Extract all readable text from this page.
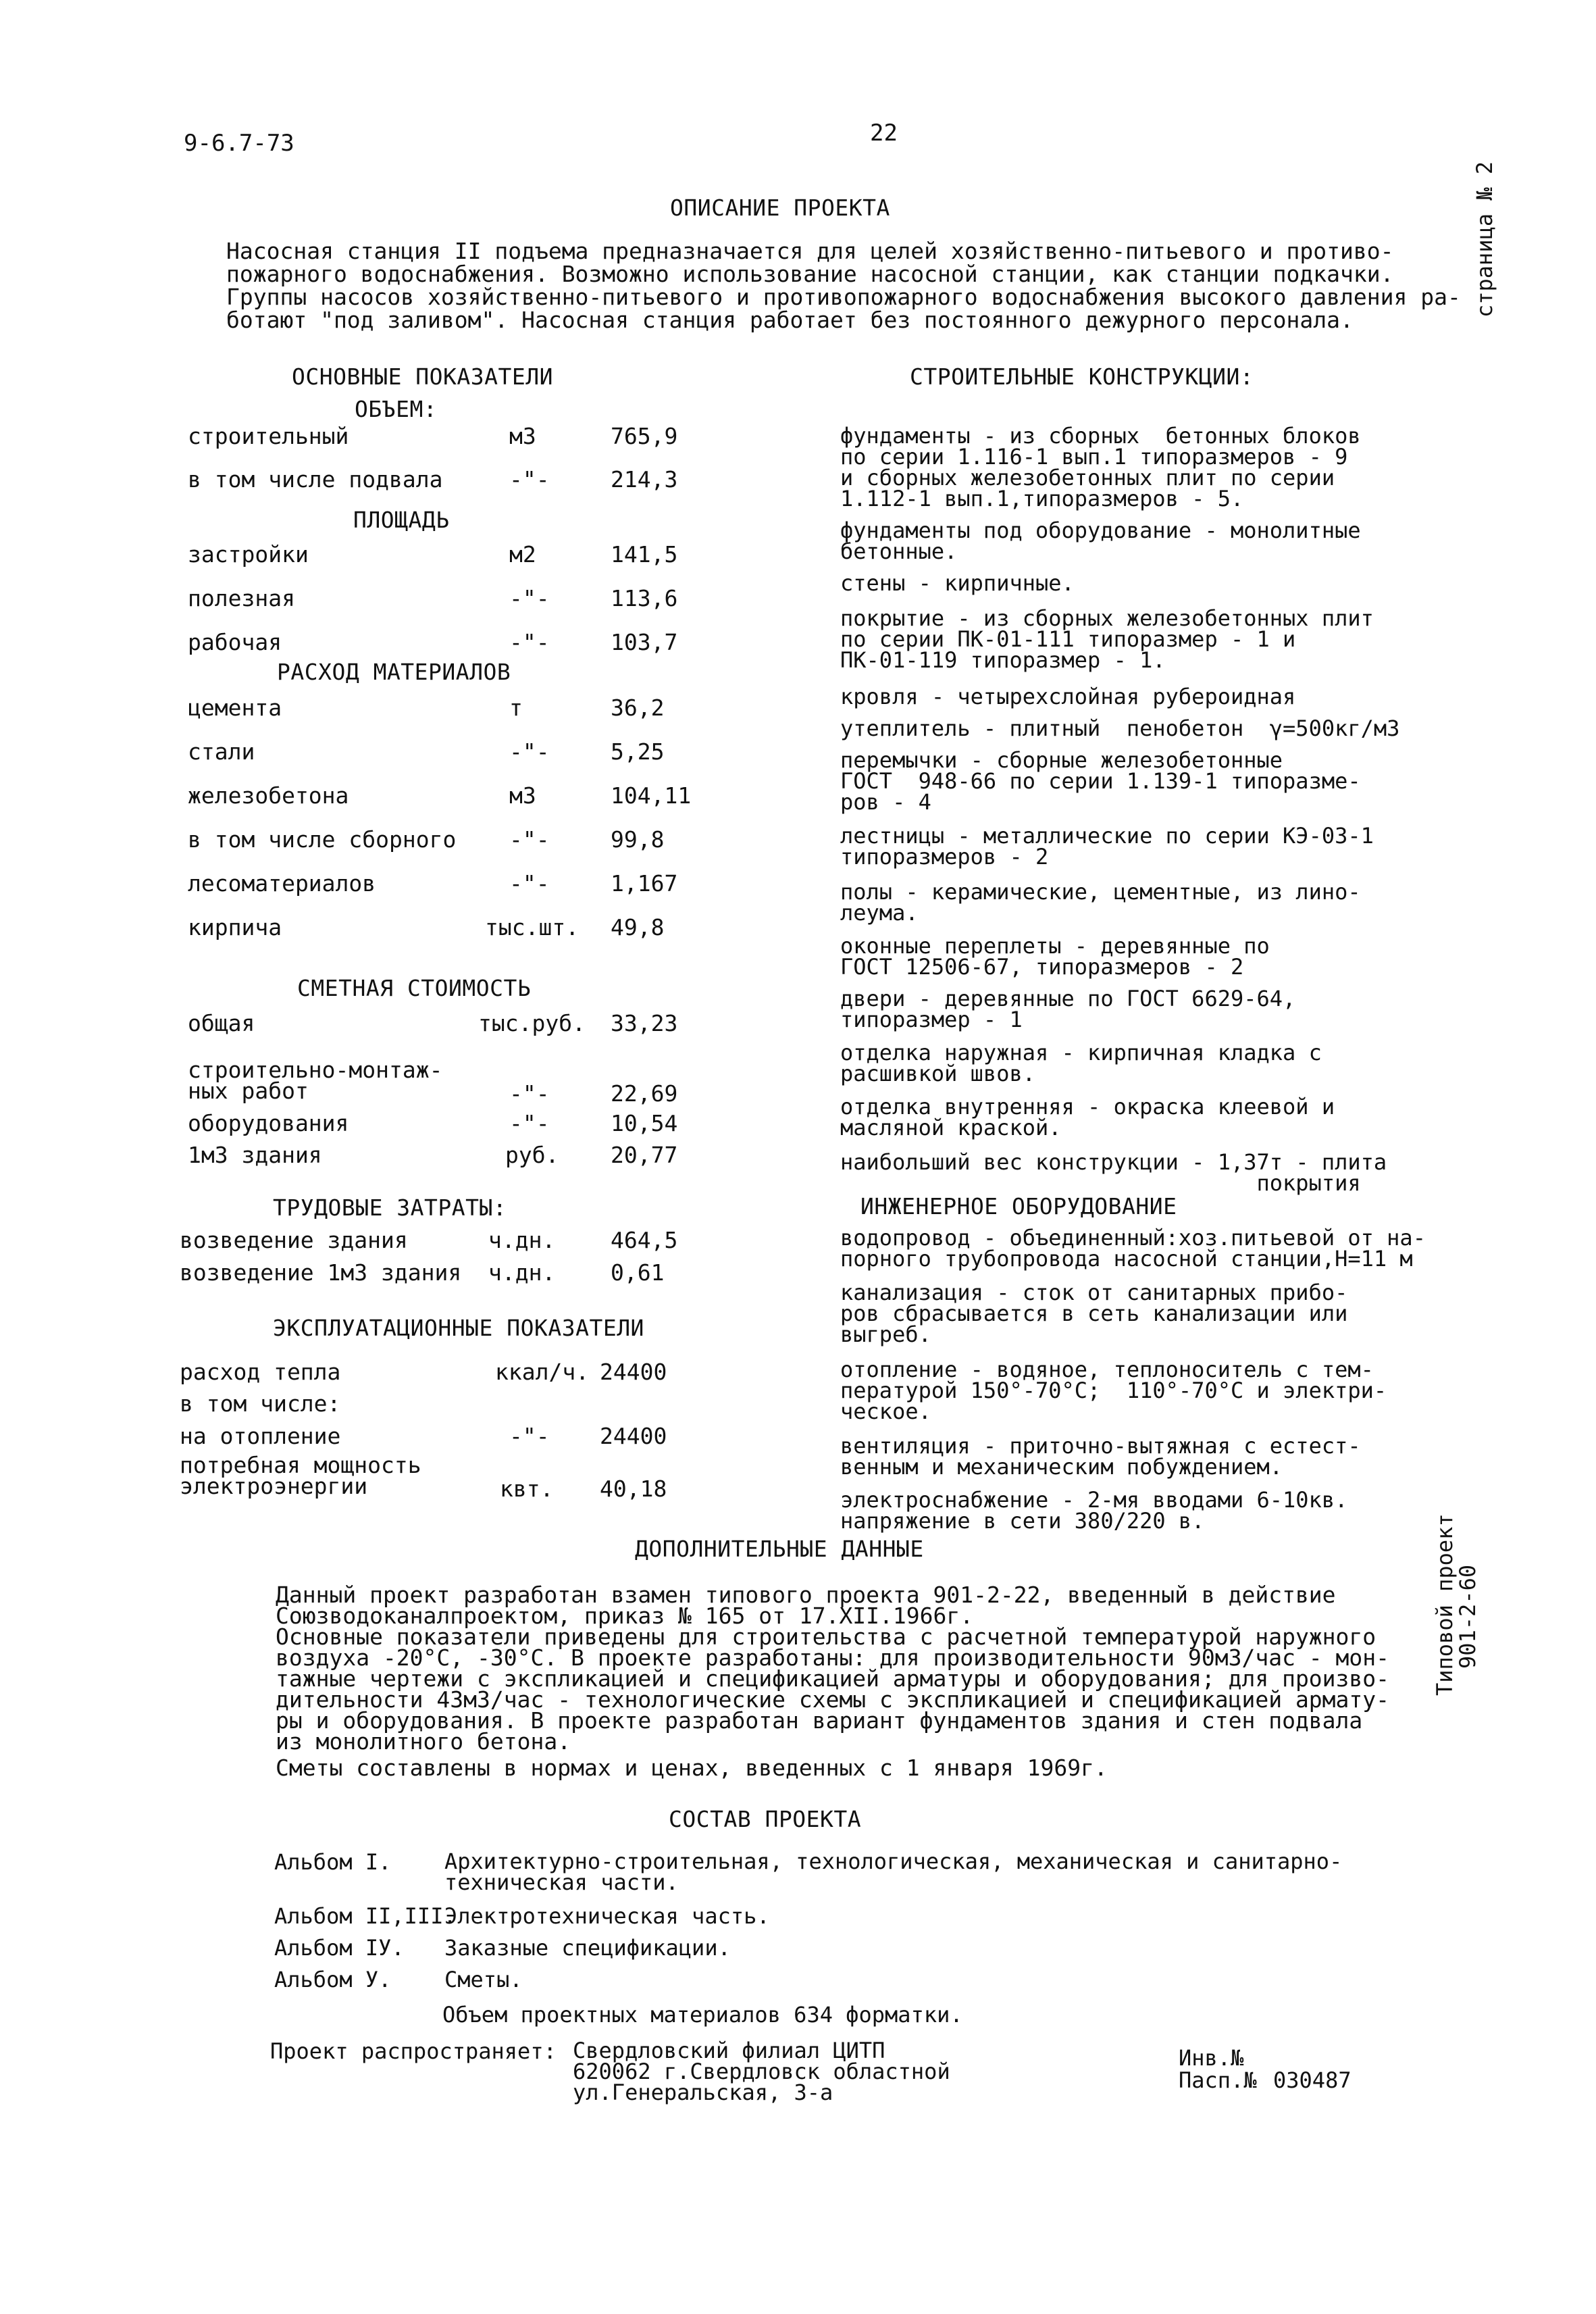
9-6.7-73	22
страница № 2
ОПИСАНИЕ ПРОЕКТА
Насосная станция II подъема предназначается для целей хозяйственно-питьевого и противо-
пожарного водоснабжения. Возможно использование насосной станции, как станции подкачки.
Группы насосов хозяйственно-питьевого и противопожарного водоснабжения высокого давления ра-
ботают "под заливом". Насосная станция работает без постоянного дежурного персонала.
ОСНОВНЫЕ ПОКАЗАТЕЛИ
ОБЪЕМ:
строительный	м3	765,9
в том числе подвала	-"-	214,3
застройки	м2	141,5
полезная	-"-	113,6
рабочая	-"-	103,7
цемента	т	36,2
стали	-"-	5,25
железобетона	м3	104,11
в том числе сборного -"-	99,8
лесоматериалов	-"-	1,167
кирпича	тыс.шт. 49,8
общая	тыс.руб. 33,23
строительно-монтаж-
ных работ	-"-	22,69
оборудования	-"-	10,54
1м3 здания	руб. 20,77
возведение здания	ч.дн. 464,5
возведение 1м3 здания ч.дн. 0,61
расход тепла	ккал/ч. 24400
в том числе:
на отопление	-"- 24400
потребная мощность
электроэнергии	квт. 40,18
ПЛОЩАДЬ
РАСХОД МАТЕРИАЛОВ
СМЕТНАЯ СТОИМОСТЬ
ТРУДОВЫЕ ЗАТРАТЫ:
ЭКСПЛУАТАЦИОННЫЕ ПОКАЗАТЕЛИ
СТРОИТЕЛЬНЫЕ КОНСТРУКЦИИ:
фундаменты - из сборных  бетонных блоков
по серии 1.116-1 вып.1 типоразмеров - 9
и сборных железобетонных плит по серии
1.112-1 вып.1,типоразмеров - 5.
фундаменты под оборудование - монолитные
бетонные.
стены - кирпичные.
покрытие - из сборных железобетонных плит
по серии ПК-01-111 типоразмер - 1 и
ПК-01-119 типоразмер - 1.
кровля - четырехслойная рубероидная
утеплитель - плитный  пенобетон  γ=500кг/м3
перемычки - сборные железобетонные
ГОСТ  948-66 по серии 1.139-1 типоразме-
ров - 4
лестницы - металлические по серии КЭ-03-1
типоразмеров - 2
полы - керамические, цементные, из лино-
леума.
оконные переплеты - деревянные по
ГОСТ 12506-67, типоразмеров - 2
двери - деревянные по ГОСТ 6629-64,
типоразмер - 1
отделка наружная - кирпичная кладка с
расшивкой швов.
отделка внутренняя - окраска клеевой и
масляной краской.
наибольший вес конструкции - 1,37т - плита
покрытия
ИНЖЕНЕРНОЕ ОБОРУДОВАНИЕ
водопровод - объединенный:хоз.питьевой от на-
порного трубопровода насосной станции,Н=11 м
канализация - сток от санитарных прибо-
ров сбрасывается в сеть канализации или
выгреб.
отопление - водяное, теплоноситель с тем-
пературой 150°-70°С;  110°-70°С и электри-
ческое.
вентиляция - приточно-вытяжная с естест-
венным и механическим побуждением.
электроснабжение - 2-мя вводами 6-10кв.
напряжение в сети 380/220 в.	Типовой проект
901-2-60
ДОПОЛНИТЕЛЬНЫЕ ДАННЫЕ
Данный проект разработан взамен типового проекта 901-2-22, введенный в действие
Союзводоканалпроектом, приказ № 165 от 17.XII.1966г.
Основные показатели приведены для строительства с расчетной температурой наружного
воздуха -20°С, -30°С. В проекте разработаны: для производительности 90м3/час - мон-
тажные чертежи с экспликацией и спецификацией арматуры и оборудования; для произво-
дительности 43м3/час - технологические схемы с экспликацией и спецификацией армату-
ры и оборудования. В проекте разработан вариант фундаментов здания и стен подвала
из монолитного бетона.
Сметы составлены в нормах и ценах, введенных с 1 января 1969г.
СОСТАВ ПРОЕКТА
Альбом I. Архитектурно-строительная, технологическая, механическая и санитарно-
техническая части.
Альбом II,III.
Электротехническая часть.
Альбом IУ. Заказные спецификации.
Альбом У. Сметы.
Объем проектных материалов 634 форматки.
Проект распространяет: Свердловский филиал ЦИТП
620062 г.Свердловск областной
ул.Генеральская, 3-а
Инв.№
Пасп.№ 030487
